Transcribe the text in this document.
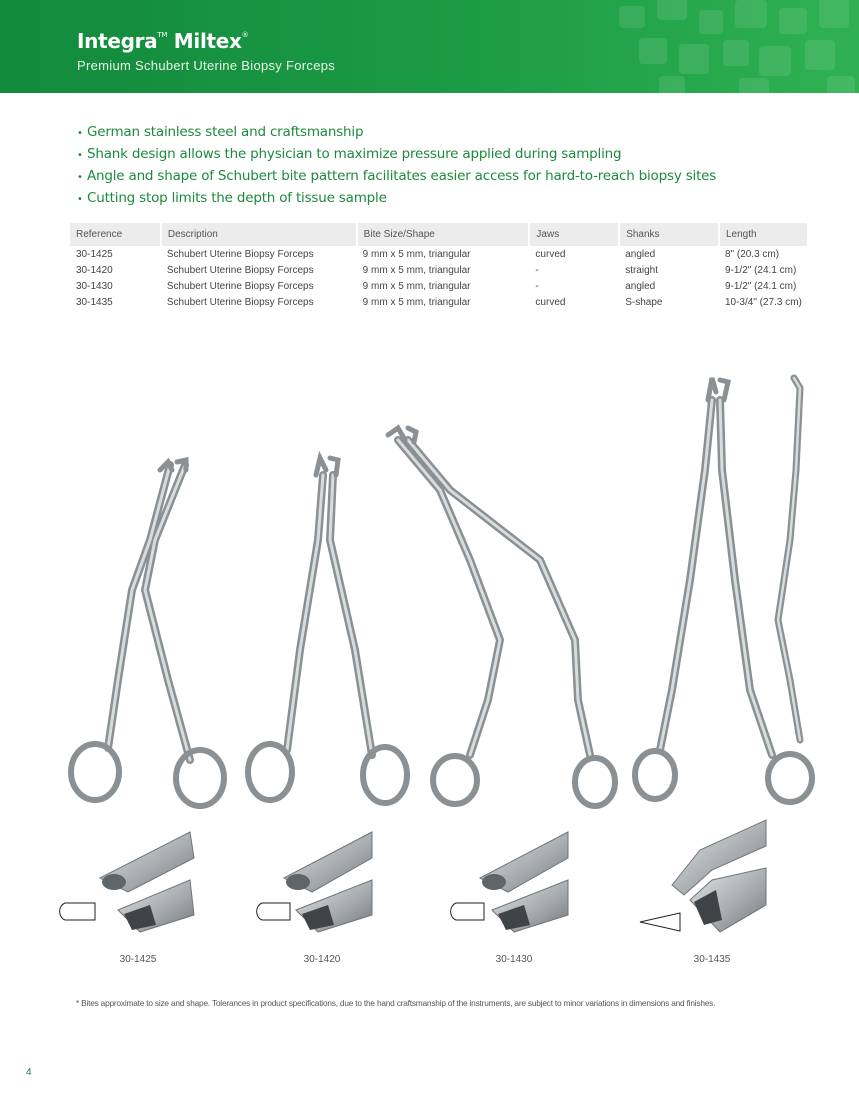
Integra™ Miltex®
Premium Schubert Uterine Biopsy Forceps
• German stainless steel and craftsmanship
• Shank design allows the physician to maximize pressure applied during sampling
• Angle and shape of Schubert bite pattern facilitates easier access for hard-to-reach biopsy sites
• Cutting stop limits the depth of tissue sample
Reference	Description	Bite Size/Shape	Jaws	Shanks	Length
30-1425	Schubert Uterine Biopsy Forceps	9 mm x 5 mm, triangular	curved	angled	8" (20.3 cm)
30-1420	Schubert Uterine Biopsy Forceps	9 mm x 5 mm, triangular	-	straight	9-1/2" (24.1 cm)
30-1430	Schubert Uterine Biopsy Forceps	9 mm x 5 mm, triangular	-	angled	9-1/2" (24.1 cm)
30-1435	Schubert Uterine Biopsy Forceps	9 mm x 5 mm, triangular	curved	S-shape	10-3/4" (27.3 cm)
30-1425	30-1420	30-1430	30-1435
* Bites approximate to size and shape. Tolerances in product specifications, due to the hand craftsmanship of the instruments, are subject to minor variations in dimensions and finishes.
4
